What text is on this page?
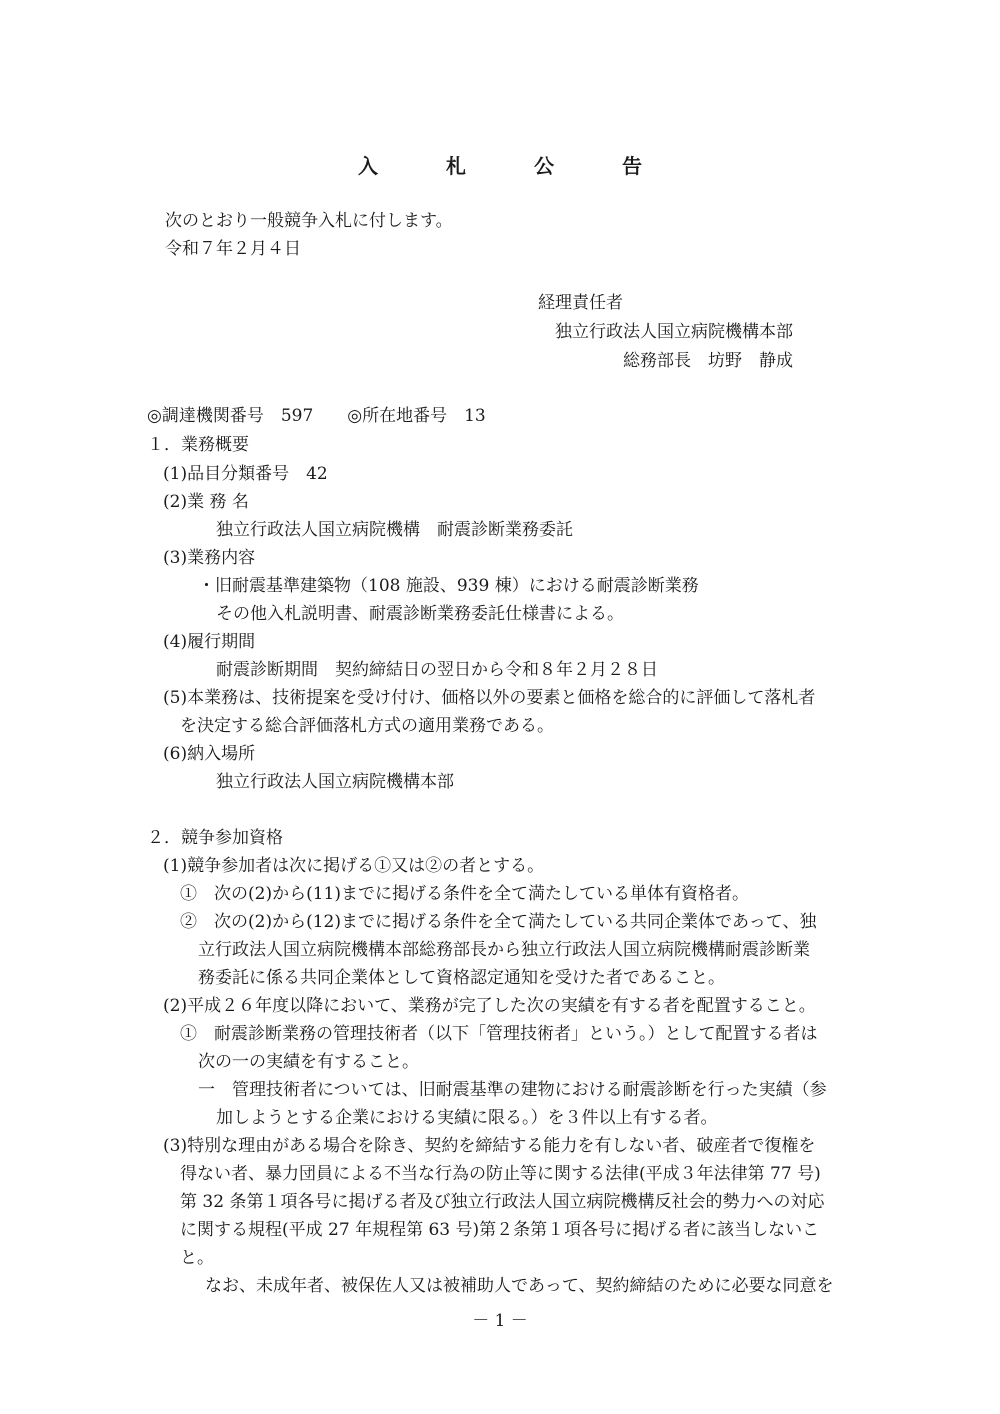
入　札　公　告

次のとおり一般競争入札に付します。

令和７年２月４日

経理責任者

独立行政法人国立病院機構本部

総務部長　坊野　静成

◎調達機関番号　597　　◎所在地番号　13

１．業務概要

(1)品目分類番号　42

(2)業 務 名

独立行政法人国立病院機構　耐震診断業務委託

(3)業務内容

・旧耐震基準建築物（108 施設、939 棟）における耐震診断業務

その他入札説明書、耐震診断業務委託仕様書による。

(4)履行期間

耐震診断期間　契約締結日の翌日から令和８年２月２８日

(5)本業務は、技術提案を受け付け、価格以外の要素と価格を総合的に評価して落札者

を決定する総合評価落札方式の適用業務である。

(6)納入場所

独立行政法人国立病院機構本部

２．競争参加資格

(1)競争参加者は次に掲げる①又は②の者とする。

①　次の(2)から(11)までに掲げる条件を全て満たしている単体有資格者。

②　次の(2)から(12)までに掲げる条件を全て満たしている共同企業体であって、独

立行政法人国立病院機構本部総務部長から独立行政法人国立病院機構耐震診断業

務委託に係る共同企業体として資格認定通知を受けた者であること。

(2)平成２６年度以降において、業務が完了した次の実績を有する者を配置すること。

①　耐震診断業務の管理技術者（以下「管理技術者」という。）として配置する者は

次の一の実績を有すること。

一　管理技術者については、旧耐震基準の建物における耐震診断を行った実績（参

加しようとする企業における実績に限る。）を３件以上有する者。

(3)特別な理由がある場合を除き、契約を締結する能力を有しない者、破産者で復権を

得ない者、暴力団員による不当な行為の防止等に関する法律(平成３年法律第 77 号)

第 32 条第１項各号に掲げる者及び独立行政法人国立病院機構反社会的勢力への対応

に関する規程(平成 27 年規程第 63 号)第２条第１項各号に掲げる者に該当しないこ

と。

なお、未成年者、被保佐人又は被補助人であって、契約締結のために必要な同意を

－ 1 －
